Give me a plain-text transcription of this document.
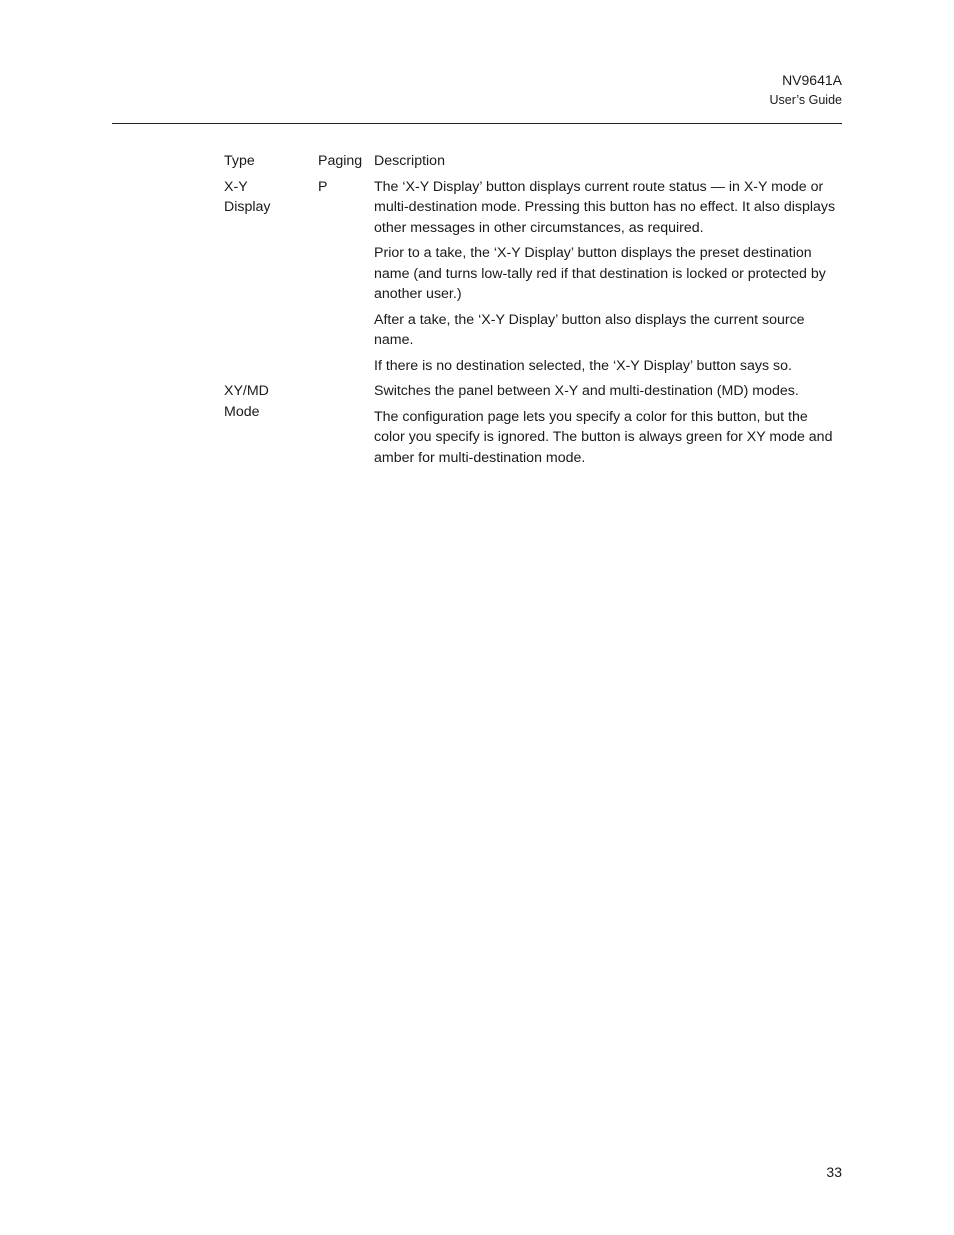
NV9641A
User’s Guide
Type	Paging Description
X-Y
Display
P	The ‘X-Y Display’ button displays current route status — in X-Y mode or multi-destination mode. Pressing this button has no effect. It also displays other messages in other circumstances, as required.

Prior to a take, the ‘X-Y Display’ button displays the preset destination name (and turns low-tally red if that destination is locked or protected by another user.)

After a take, the ‘X-Y Display’ button also displays the current source name.

If there is no destination selected, the ‘X-Y Display’ button says so.

XY/MD
Mode

Switches the panel between X-Y and multi-destination (MD) modes.

The configuration page lets you specify a color for this button, but the color you specify is ignored. The button is always green for XY mode and amber for multi-destination mode.

33
